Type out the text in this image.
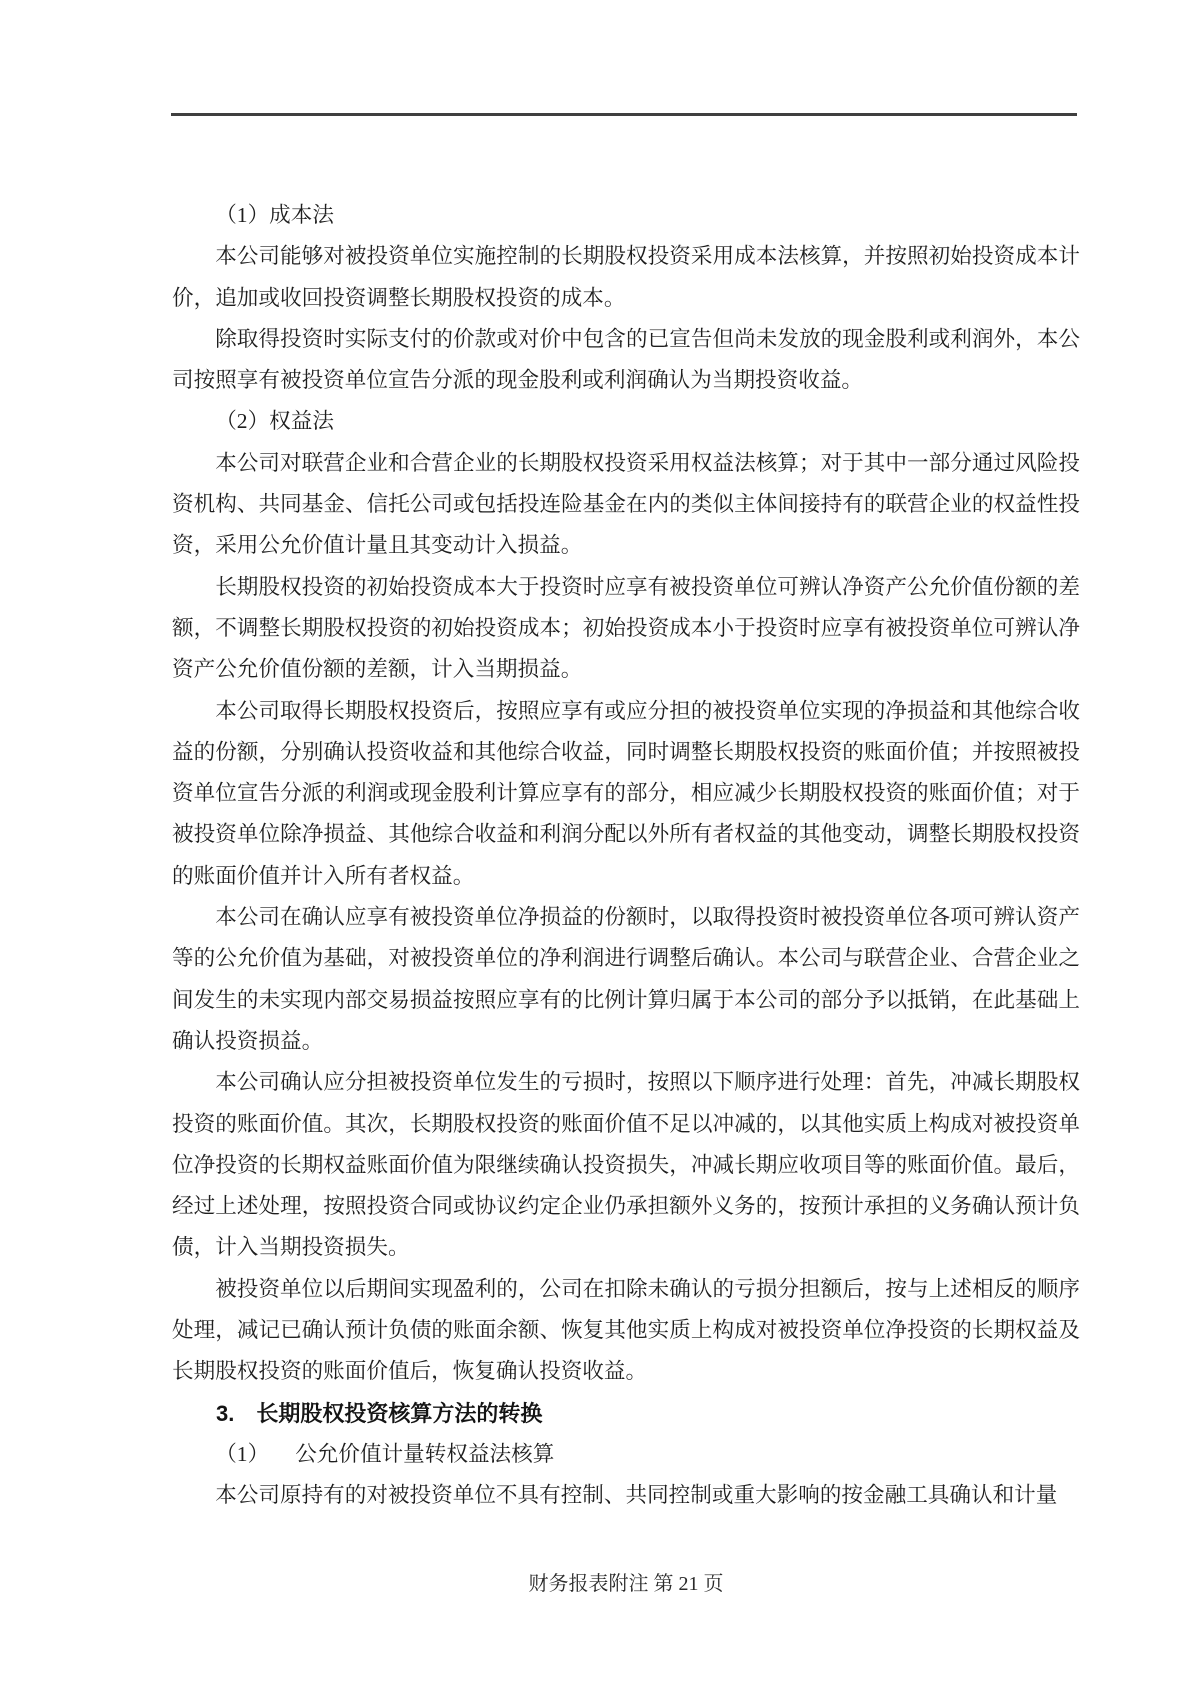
（1）成本法

本公司能够对被投资单位实施控制的长期股权投资采用成本法核算，并按照初始投资成本计价，追加或收回投资调整长期股权投资的成本。

除取得投资时实际支付的价款或对价中包含的已宣告但尚未发放的现金股利或利润外，本公司按照享有被投资单位宣告分派的现金股利或利润确认为当期投资收益。

（2）权益法

本公司对联营企业和合营企业的长期股权投资采用权益法核算；对于其中一部分通过风险投资机构、共同基金、信托公司或包括投连险基金在内的类似主体间接持有的联营企业的权益性投资，采用公允价值计量且其变动计入损益。

长期股权投资的初始投资成本大于投资时应享有被投资单位可辨认净资产公允价值份额的差额，不调整长期股权投资的初始投资成本；初始投资成本小于投资时应享有被投资单位可辨认净资产公允价值份额的差额，计入当期损益。

本公司取得长期股权投资后，按照应享有或应分担的被投资单位实现的净损益和其他综合收益的份额，分别确认投资收益和其他综合收益，同时调整长期股权投资的账面价值；并按照被投资单位宣告分派的利润或现金股利计算应享有的部分，相应减少长期股权投资的账面价值；对于被投资单位除净损益、其他综合收益和利润分配以外所有者权益的其他变动，调整长期股权投资的账面价值并计入所有者权益。

本公司在确认应享有被投资单位净损益的份额时，以取得投资时被投资单位各项可辨认资产等的公允价值为基础，对被投资单位的净利润进行调整后确认。本公司与联营企业、合营企业之间发生的未实现内部交易损益按照应享有的比例计算归属于本公司的部分予以抵销，在此基础上确认投资损益。

本公司确认应分担被投资单位发生的亏损时，按照以下顺序进行处理：首先，冲减长期股权投资的账面价值。其次，长期股权投资的账面价值不足以冲减的，以其他实质上构成对被投资单位净投资的长期权益账面价值为限继续确认投资损失，冲减长期应收项目等的账面价值。最后，经过上述处理，按照投资合同或协议约定企业仍承担额外义务的，按预计承担的义务确认预计负债，计入当期投资损失。

被投资单位以后期间实现盈利的，公司在扣除未确认的亏损分担额后，按与上述相反的顺序处理，减记已确认预计负债的账面余额、恢复其他实质上构成对被投资单位净投资的长期权益及长期股权投资的账面价值后，恢复确认投资收益。

3. 长期股权投资核算方法的转换

（1） 公允价值计量转权益法核算

本公司原持有的对被投资单位不具有控制、共同控制或重大影响的按金融工具确认和计量

财务报表附注 第 21 页
